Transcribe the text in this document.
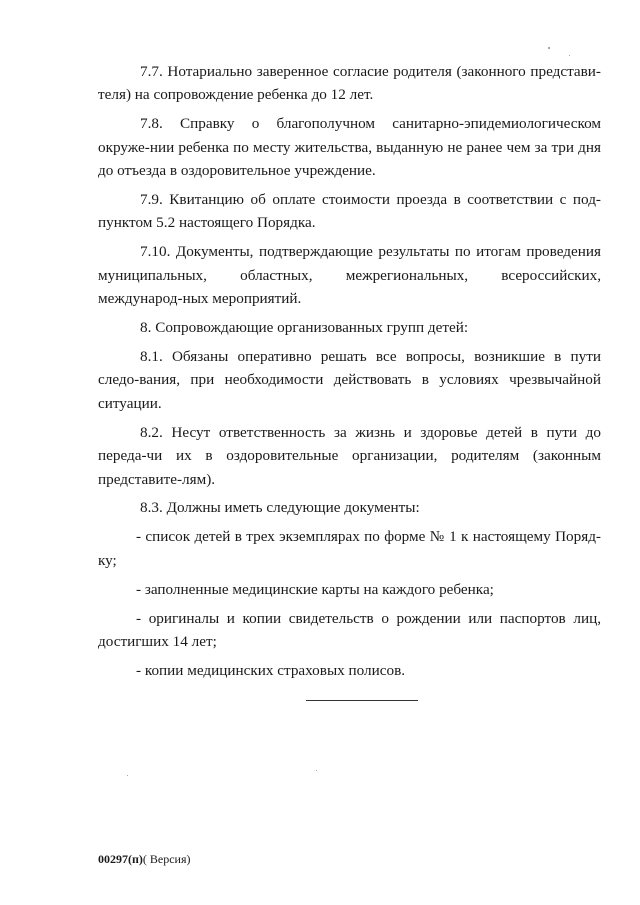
7.7. Нотариально заверенное согласие родителя (законного представи-теля) на сопровождение ребенка до 12 лет.

7.8. Справку о благополучном санитарно-эпидемиологическом окруже-нии ребенка по месту жительства, выданную не ранее чем за три дня до отъезда в оздоровительное учреждение.

7.9. Квитанцию об оплате стоимости проезда в соответствии с под-пунктом 5.2 настоящего Порядка.

7.10. Документы, подтверждающие результаты по итогам проведения муниципальных, областных, межрегиональных, всероссийских, международ-ных мероприятий.

8. Сопровождающие организованных групп детей:

8.1. Обязаны оперативно решать все вопросы, возникшие в пути следо-вания, при необходимости действовать в условиях чрезвычайной ситуации.

8.2. Несут ответственность за жизнь и здоровье детей в пути до переда-чи их в оздоровительные организации, родителям (законным представите-лям).

8.3. Должны иметь следующие документы:

- список детей в трех экземплярах по форме № 1 к настоящему Поряд-ку;

- заполненные медицинские карты на каждого ребенка;

- оригиналы и копии свидетельств о рождении или паспортов лиц, достигших 14 лет;

- копии медицинских страховых полисов.

00297(п)( Версия)
